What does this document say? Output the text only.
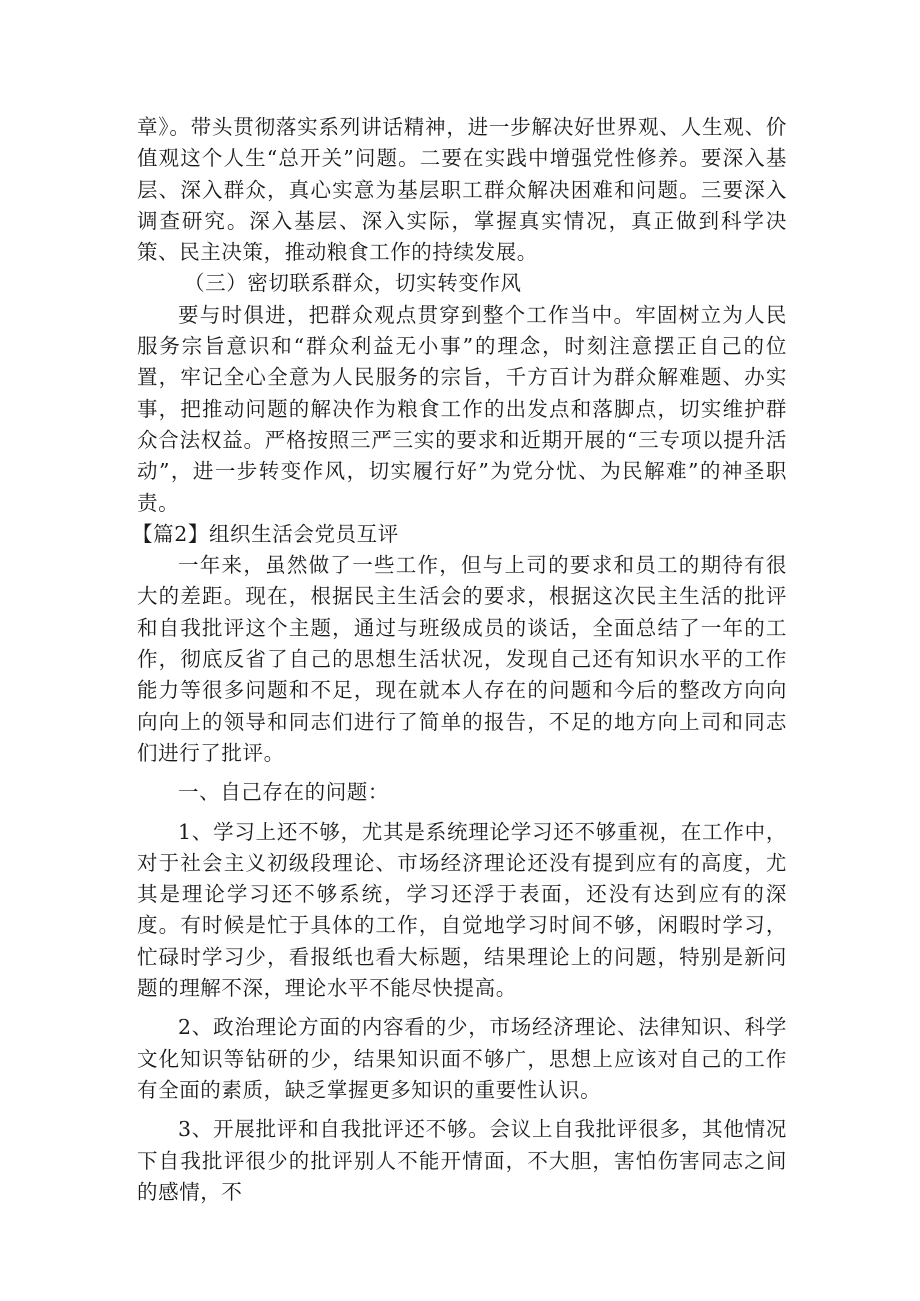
章》。带头贯彻落实系列讲话精神，进一步解决好世界观、人生观、价值观这个人生“总开关”问题。二要在实践中增强党性修养。要深入基层、深入群众，真心实意为基层职工群众解决困难和问题。三要深入调查研究。深入基层、深入实际，掌握真实情况，真正做到科学决策、民主决策，推动粮食工作的持续发展。

（三）密切联系群众，切实转变作风

要与时俱进，把群众观点贯穿到整个工作当中。牢固树立为人民服务宗旨意识和“群众利益无小事”的理念，时刻注意摆正自己的位置，牢记全心全意为人民服务的宗旨，千方百计为群众解难题、办实事，把推动问题的解决作为粮食工作的出发点和落脚点，切实维护群众合法权益。严格按照三严三实的要求和近期开展的“三专项以提升活动”，进一步转变作风，切实履行好”为党分忧、为民解难”的神圣职责。

【篇2】组织生活会党员互评

一年来，虽然做了一些工作，但与上司的要求和员工的期待有很大的差距。现在，根据民主生活会的要求，根据这次民主生活的批评和自我批评这个主题，通过与班级成员的谈话，全面总结了一年的工作，彻底反省了自己的思想生活状况，发现自己还有知识水平的工作能力等很多问题和不足，现在就本人存在的问题和今后的整改方向向向向上的领导和同志们进行了简单的报告，不足的地方向上司和同志们进行了批评。

一、自己存在的问题：

1、学习上还不够，尤其是系统理论学习还不够重视，在工作中，对于社会主义初级段理论、市场经济理论还没有提到应有的高度，尤其是理论学习还不够系统，学习还浮于表面，还没有达到应有的深度。有时候是忙于具体的工作，自觉地学习时间不够，闲暇时学习，忙碌时学习少，看报纸也看大标题，结果理论上的问题，特别是新问题的理解不深，理论水平不能尽快提高。

2、政治理论方面的内容看的少，市场经济理论、法律知识、科学文化知识等钻研的少，结果知识面不够广，思想上应该对自己的工作有全面的素质，缺乏掌握更多知识的重要性认识。

3、开展批评和自我批评还不够。会议上自我批评很多，其他情况下自我批评很少的批评别人不能开情面，不大胆，害怕伤害同志之间的感情，不
